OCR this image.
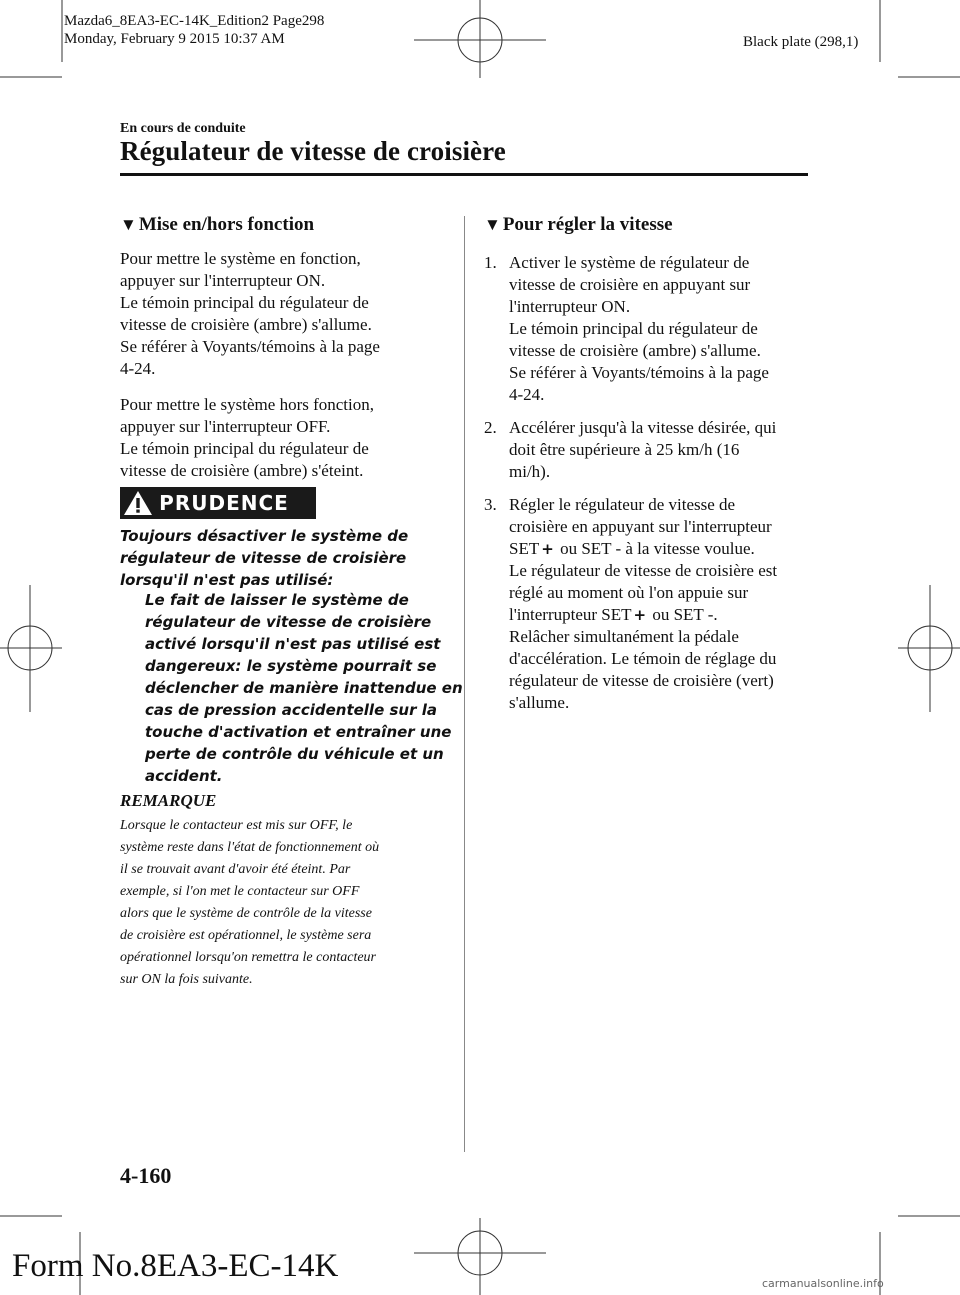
Mazda6_8EA3-EC-14K_Edition2 Page298
Monday, February 9 2015 10:37 AM	Black plate (298,1)
En cours de conduite
Régulateur de vitesse de croisière
▼ Mise en/hors fonction
Pour mettre le système en fonction,
appuyer sur l'interrupteur ON.
Le témoin principal du régulateur de
vitesse de croisière (ambre) s'allume.
Se référer à Voyants/témoins à la page
4-24.
Pour mettre le système hors fonction,
appuyer sur l'interrupteur OFF.
Le témoin principal du régulateur de
vitesse de croisière (ambre) s'éteint.
PRUDENCE
Toujours désactiver le système de
régulateur de vitesse de croisière
lorsqu'il n'est pas utilisé:
Le fait de laisser le système de
régulateur de vitesse de croisière
activé lorsqu'il n'est pas utilisé est
dangereux: le système pourrait se
déclencher de manière inattendue en
cas de pression accidentelle sur la
touche d'activation et entraîner une
perte de contrôle du véhicule et un
accident.
REMARQUE
Lorsque le contacteur est mis sur OFF, le
système reste dans l'état de fonctionnement où
il se trouvait avant d'avoir été éteint. Par
exemple, si l'on met le contacteur sur OFF
alors que le système de contrôle de la vitesse
de croisière est opérationnel, le système sera
opérationnel lorsqu'on remettra le contacteur
sur ON la fois suivante.
▼ Pour régler la vitesse
1. Activer le système de régulateur de
vitesse de croisière en appuyant sur
l'interrupteur ON.
Le témoin principal du régulateur de
vitesse de croisière (ambre) s'allume.
Se référer à Voyants/témoins à la page
4-24.
2. Accélérer jusqu'à la vitesse désirée, qui
doit être supérieure à 25 km/h (16
mi/h).
3. Régler le régulateur de vitesse de
croisière en appuyant sur l'interrupteur
SET + ou SET - à la vitesse voulue.
Le régulateur de vitesse de croisière est
réglé au moment où l'on appuie sur
l'interrupteur SET + ou SET -.
Relâcher simultanément la pédale
d'accélération. Le témoin de réglage du
régulateur de vitesse de croisière (vert)
s'allume.
4-160
Form No.8EA3-EC-14K	carmanualsonline.info
